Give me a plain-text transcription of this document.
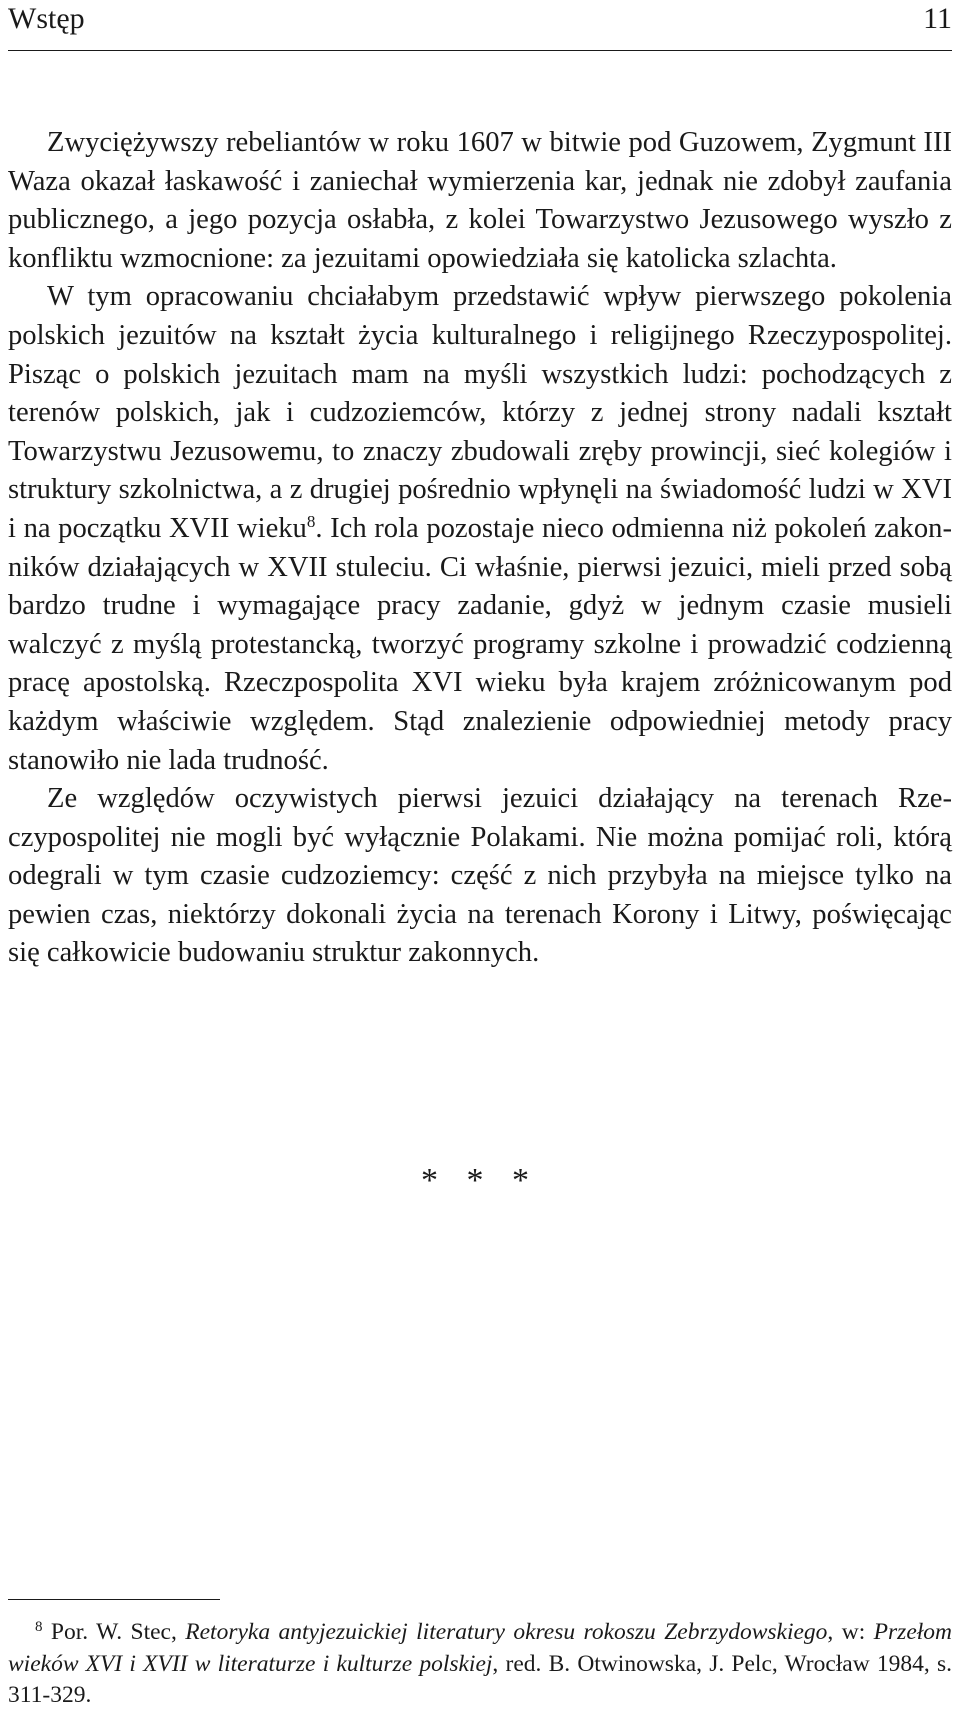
Wstęp	11

Zwyciężywszy rebeliantów w roku 1607 w bitwie pod Guzowem, Zygmunt III Waza okazał łaskawość i zaniechał wymierzenia kar, jednak nie zdobył zaufania publicznego, a jego pozycja osłabła, z kolei Towarzystwo Jezusowego wyszło z konfliktu wzmocnione: za jezuitami opowiedziała się katolicka szlachta.

W tym opracowaniu chciałabym przedstawić wpływ pierwszego pokolenia polskich jezuitów na kształt życia kulturalnego i religijnego Rzeczypospolitej. Pisząc o polskich jezuitach mam na myśli wszystkich ludzi: pochodzących z terenów polskich, jak i cudzoziemców, którzy z jednej strony nadali kształt Towarzystwu Jezusowemu, to znaczy zbudowali zręby prowincji, sieć kolegiów i struktury szkolnictwa, a z drugiej pośrednio wpłynęli na świadomość ludzi w XVI i na początku XVII wieku$^8$. Ich rola pozostaje nieco odmienna niż pokoleń zakonników działających w XVII stuleciu. Ci właśnie, pierwsi jezuici, mieli przed sobą bardzo trudne i wymagające pracy zadanie, gdyż w jednym czasie musieli walczyć z myślą protestancką, tworzyć programy szkolne i prowadzić codzienną pracę apostolską. Rzeczpospolita XVI wieku była krajem zróżnicowanym pod każdym właściwie względem. Stąd znalezienie odpowiedniej metody pracy stanowiło nie lada trudność.

Ze względów oczywistych pierwsi jezuici działający na terenach Rzeczypospolitej nie mogli być wyłącznie Polakami. Nie można pomijać roli, którą odegrali w tym czasie cudzoziemcy: część z nich przybyła na miejsce tylko na pewien czas, niektórzy dokonali życia na terenach Korony i Litwy, poświęcając się całkowicie budowaniu struktur zakonnych.

* * *

$^8$ Por. W. Stec, Retoryka antyjezuickiej literatury okresu rokoszu Zebrzydowskiego, w: Przełom wieków XVI i XVII w literaturze i kulturze polskiej, red. B. Otwinowska, J. Pelc, Wrocław 1984, s. 311-329.
